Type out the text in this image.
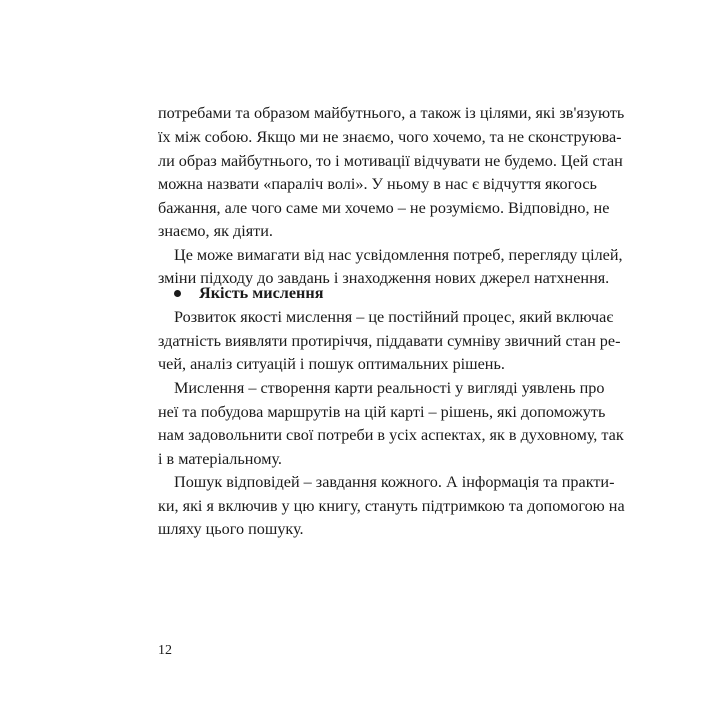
потребами та образом майбутнього, а також із цілями, які зв'язують

їх між собою. Якщо ми не знаємо, чого хочемо, та не сконструюва-

ли образ майбутнього, то і мотивації відчувати не будемо. Цей стан

можна назвати «параліч волі». У ньому в нас є відчуття якогось

бажання, але чого саме ми хочемо – не розуміємо. Відповідно, не

знаємо, як діяти.

Це може вимагати від нас усвідомлення потреб, перегляду цілей,

зміни підходу до завдань і знаходження нових джерел натхнення.

Якість мислення

Розвиток якості мислення – це постійний процес, який включає

здатність виявляти протиріччя, піддавати сумніву звичний стан ре-

чей, аналіз ситуацій і пошук оптимальних рішень.

Мислення – створення карти реальності у вигляді уявлень про

неї та побудова маршрутів на цій карті – рішень, які допоможуть

нам задовольнити свої потреби в усіх аспектах, як в духовному, так

і в матеріальному.

Пошук відповідей – завдання кожного. А інформація та практи-

ки, які я включив у цю книгу, стануть підтримкою та допомогою на

шляху цього пошуку.

12
